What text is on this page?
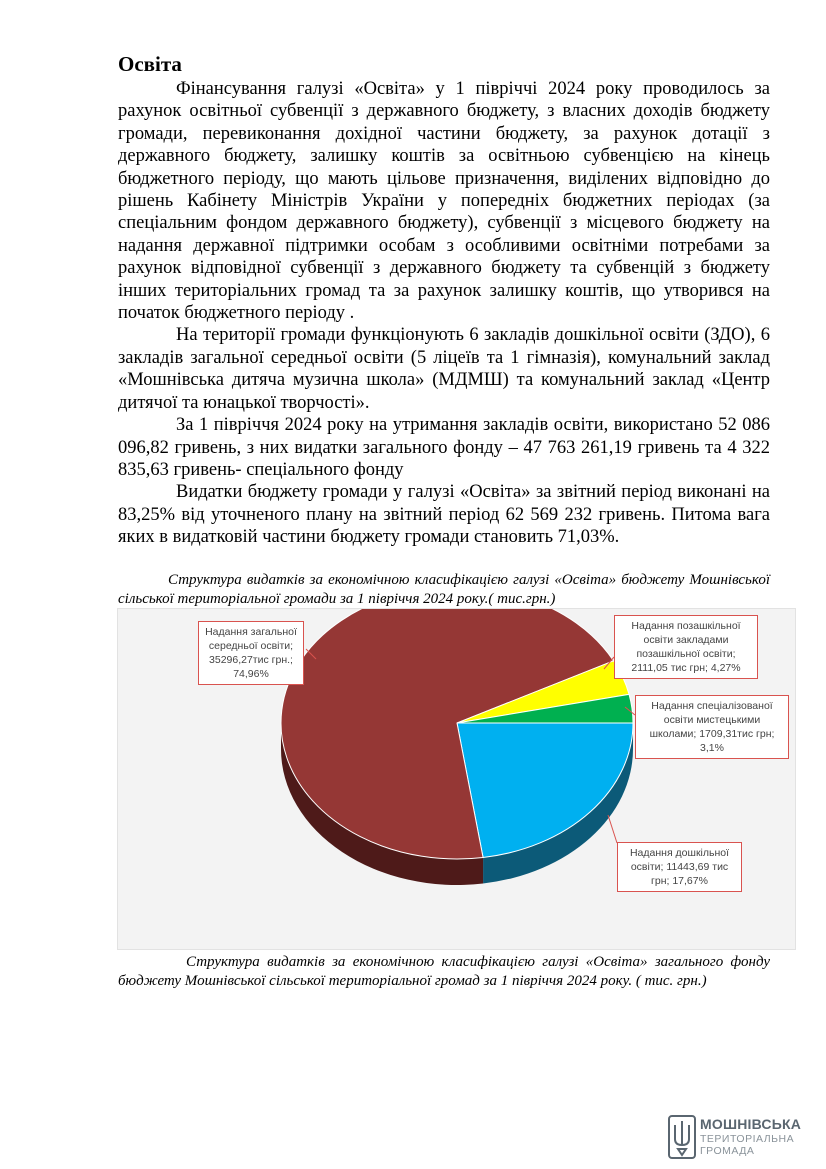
Освіта

Фінансування галузі «Освіта» у 1 півріччі 2024 року проводилось за рахунок освітньої субвенції з державного бюджету, з власних доходів бюджету громади, перевиконання дохідної частини бюджету, за рахунок дотації з державного бюджету, залишку коштів за освітньою субвенцією на кінець бюджетного періоду, що мають цільове призначення, виділених відповідно до рішень Кабінету Міністрів України у попередніх бюджетних періодах (за спеціальним фондом державного бюджету), субвенції з місцевого бюджету на надання державної підтримки особам з особливими освітніми потребами за рахунок відповідної субвенції з державного бюджету та субвенцій з бюджету інших територіальних громад та за рахунок залишку коштів, що утворився на початок бюджетного періоду .

На території громади функціонують 6 закладів дошкільної освіти (ЗДО), 6 закладів загальної середньої освіти (5 ліцеїв та 1 гімназія), комунальний заклад «Мошнівська дитяча музична школа» (МДМШ) та комунальний заклад «Центр дитячої та юнацької творчості».

За 1 півріччя 2024 року на утримання закладів освіти, використано 52 086 096,82 гривень, з них видатки загального фонду – 47 763 261,19 гривень та 4 322 835,63 гривень- спеціального фонду

Видатки бюджету громади у галузі «Освіта» за звітний період виконані на 83,25% від уточненого плану на звітний період 62 569 232 гривень. Питома вага яких в видатковій частини бюджету громади становить 71,03%.

Структура видатків за економічною класифікацією галузі «Освіта» бюджету Мошнівської сільської територіальної громади за 1 півріччя 2024 року.( тис.грн.)

Надання загальної середньої освіти; 35296,27тис грн.; 74,96%
Надання позашкільної освіти закладами позашкільної освіти; 2111,05 тис грн; 4,27%
Надання спеціалізованої освіти мистецькими школами; 1709,31тис грн; 3,1%
Надання дошкільної освіти; 11443,69 тис грн; 17,67%

Структура видатків за економічною класифікацією галузі «Освіта» загального фонду бюджету Мошнівської сільської територіальної громад за 1 півріччя 2024 року. ( тис. грн.)

МОШНІВСЬКА
ТЕРИТОРІАЛЬНА
ГРОМАДА
